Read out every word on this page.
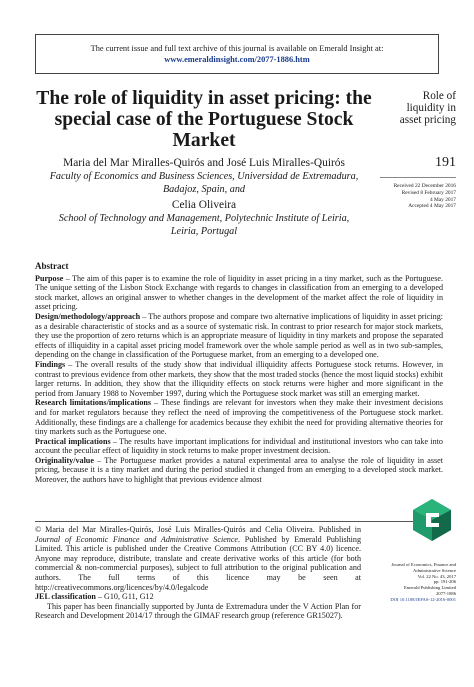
The current issue and full text archive of this journal is available on Emerald Insight at:
www.emeraldinsight.com/2077-1886.htm
The role of liquidity in asset pricing: the special case of the Portuguese Stock Market
Maria del Mar Miralles-Quirós and José Luis Miralles-Quirós
Faculty of Economics and Business Sciences, Universidad de Extremadura,
Badajoz, Spain, and
Celia Oliveira
School of Technology and Management, Polytechnic Institute of Leiria,
Leiria, Portugal
Role of
liquidity in
asset pricing
191
Received 22 December 2016
Revised 8 February 2017
4 May 2017
Accepted 4 May 2017
Abstract

Purpose – The aim of this paper is to examine the role of liquidity in asset pricing in a tiny market, such as the Portuguese. The unique setting of the Lisbon Stock Exchange with regards to changes in classification from an emerging to a developed stock market, allows an original answer to whether changes in the development of the market affect the role of liquidity in asset pricing.

Design/methodology/approach – The authors propose and compare two alternative implications of liquidity in asset pricing: as a desirable characteristic of stocks and as a source of systematic risk. In contrast to prior research for major stock markets, they use the proportion of zero returns which is an appropriate measure of liquidity in tiny markets and propose the separated effects of illiquidity in a capital asset pricing model framework over the whole sample period as well as in two sub-samples, depending on the change in classification of the Portuguese market, from an emerging to a developed one.

Findings – The overall results of the study show that individual illiquidity affects Portuguese stock returns. However, in contrast to previous evidence from other markets, they show that the most traded stocks (hence the most liquid stocks) exhibit larger returns. In addition, they show that the illiquidity effects on stock returns were higher and more significant in the period from January 1988 to November 1997, during which the Portuguese stock market was still an emerging market.

Research limitations/implications – These findings are relevant for investors when they make their investment decisions and for market regulators because they reflect the need of improving the competitiveness of the Portuguese stock market. Additionally, these findings are a challenge for academics because they exhibit the need for providing alternative theories for tiny markets such as the Portuguese one.

Practical implications – The results have important implications for individual and institutional investors who can take into account the peculiar effect of liquidity in stock returns to make proper investment decision.

Originality/value – The Portuguese market provides a natural experimental area to analyse the role of liquidity in asset pricing, because it is a tiny market and during the period studied it changed from an emerging to a developed stock market. Moreover, the authors have to highlight that previous evidence almost

© Maria del Mar Miralles-Quirós, José Luis Miralles-Quirós and Celia Oliveira. Published in Journal of Economic Finance and Administrative Science. Published by Emerald Publishing Limited. This article is published under the Creative Commons Attribution (CC BY 4.0) licence. Anyone may reproduce, distribute, translate and create derivative works of this article (for both commercial & non-commercial purposes), subject to full attribution to the original publication and authors. The full terms of this licence may be seen at http://creativecommons.org/licences/by/4.0/legalcode

JEL classification – G10, G11, G12

This paper has been financially supported by Junta de Extremadura under the V Action Plan for Research and Development 2014/17 through the GIMAF research group (reference GR15027).

Journal of Economics, Finance and
Administrative Science
Vol. 22 No. 43, 2017
pp. 191-206
Emerald Publishing Limited
2077-1886
DOI 10.1108/JEFAS-12-2016-0001
